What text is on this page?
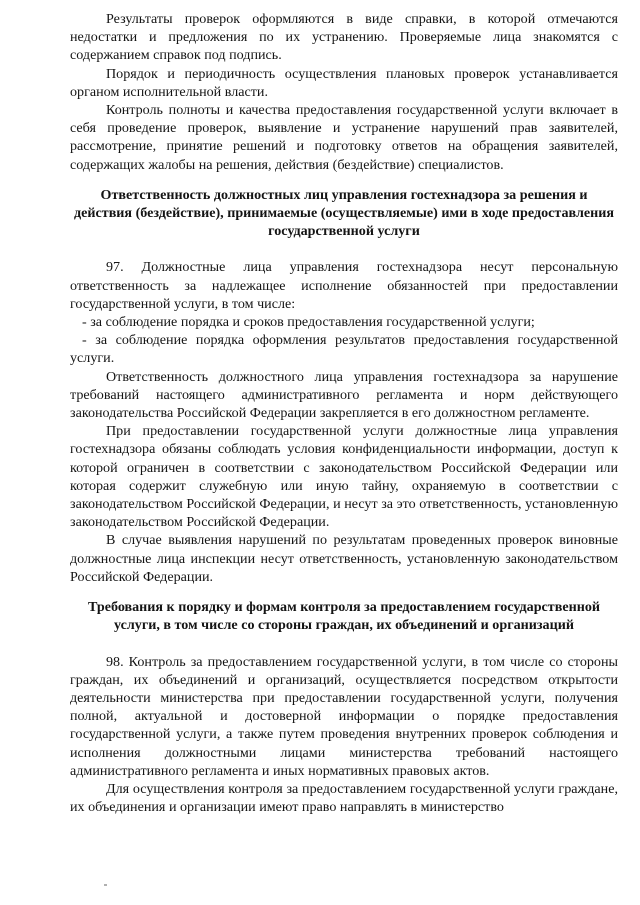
Результаты проверок оформляются в виде справки, в которой отмечаются недостатки и предложения по их устранению. Проверяемые лица знакомятся с содержанием справок под подпись.

Порядок и периодичность осуществления плановых проверок устанавливается органом исполнительной власти.

Контроль полноты и качества предоставления государственной услуги включает в себя проведение проверок, выявление и устранение нарушений прав заявителей, рассмотрение, принятие решений и подготовку ответов на обращения заявителей, содержащих жалобы на решения, действия (бездействие) специалистов.

Ответственность должностных лиц управления гостехнадзора за решения и действия (бездействие), принимаемые (осуществляемые) ими в ходе предоставления государственной услуги

97. Должностные лица управления гостехнадзора несут персональную ответственность за надлежащее исполнение обязанностей при предоставлении государственной услуги, в том числе:

- за соблюдение порядка и сроков предоставления государственной услуги;

- за соблюдение порядка оформления результатов предоставления государственной услуги.

Ответственность должностного лица управления гостехнадзора за нарушение требований настоящего административного регламента и норм действующего законодательства Российской Федерации закрепляется в его должностном регламенте.

При предоставлении государственной услуги должностные лица управления гостехнадзора обязаны соблюдать условия конфиденциальности информации, доступ к которой ограничен в соответствии с законодательством Российской Федерации или которая содержит служебную или иную тайну, охраняемую в соответствии с законодательством Российской Федерации, и несут за это ответственность, установленную законодательством Российской Федерации.

В случае выявления нарушений по результатам проведенных проверок виновные должностные лица инспекции несут ответственность, установленную законодательством Российской Федерации.

Требования к порядку и формам контроля за предоставлением государственной услуги, в том числе со стороны граждан, их объединений и организаций

98. Контроль за предоставлением государственной услуги, в том числе со стороны граждан, их объединений и организаций, осуществляется посредством открытости деятельности министерства при предоставлении государственной услуги, получения полной, актуальной и достоверной информации о порядке предоставления государственной услуги, а также путем проведения внутренних проверок соблюдения и исполнения должностными лицами министерства требований настоящего административного регламента и иных нормативных правовых актов.

Для осуществления контроля за предоставлением государственной услуги граждане, их объединения и организации имеют право направлять в министерство
